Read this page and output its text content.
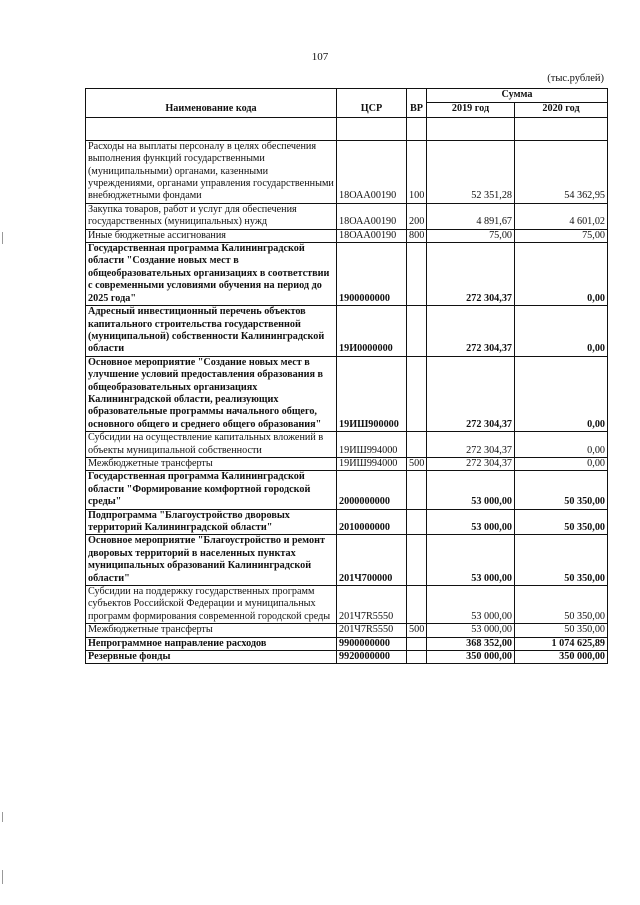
107
(тыс.рублей)
Наименование кода	ЦСР	ВР	Сумма	
			2019 год	2020 год

Расходы на выплаты персоналу в целях обеспечения выполнения функций государственными (муниципальными) органами, казенными учреждениями, органами управления государственными внебюджетными фондами	18ОАА00190	100	52 351,28	54 362,95
Закупка товаров, работ и услуг для обеспечения государственных (муниципальных) нужд	18ОАА00190	200	4 891,67	4 601,02
Иные бюджетные ассигнования	18ОАА00190	800	75,00	75,00
Государственная программа Калининградской области "Создание новых мест в общеобразовательных организациях в соответствии с современными условиями обучения на период до 2025 года"	1900000000		272 304,37	0,00
Адресный инвестиционный перечень объектов капитального строительства государственной (муниципальной) собственности Калининградской области	19И0000000		272 304,37	0,00
Основное мероприятие "Создание новых мест в улучшение условий предоставления образования в общеобразовательных организациях Калининградской области, реализующих образовательные программы начального общего, основного общего и среднего общего образования"	19ИШ900000		272 304,37	0,00
Субсидии на осуществление капитальных вложений в объекты муниципальной собственности	19ИШ994000		272 304,37	0,00
Межбюджетные трансферты	19ИШ994000	500	272 304,37	0,00
Государственная программа Калининградской области "Формирование комфортной городской среды"	2000000000		53 000,00	50 350,00
Подпрограмма "Благоустройство дворовых территорий Калининградской области"	2010000000		53 000,00	50 350,00
Основное мероприятие "Благоустройство и ремонт дворовых территорий в населенных пунктах муниципальных образований Калининградской области"	201Ч700000		53 000,00	50 350,00
Субсидии на поддержку государственных программ субъектов Российской Федерации и муниципальных программ формирования современной городской среды	201Ч7R5550		53 000,00	50 350,00
Межбюджетные трансферты	201Ч7R5550	500	53 000,00	50 350,00
Непрограммное направление расходов	9900000000		368 352,00	1 074 625,89
Резервные фонды	9920000000		350 000,00	350 000,00
